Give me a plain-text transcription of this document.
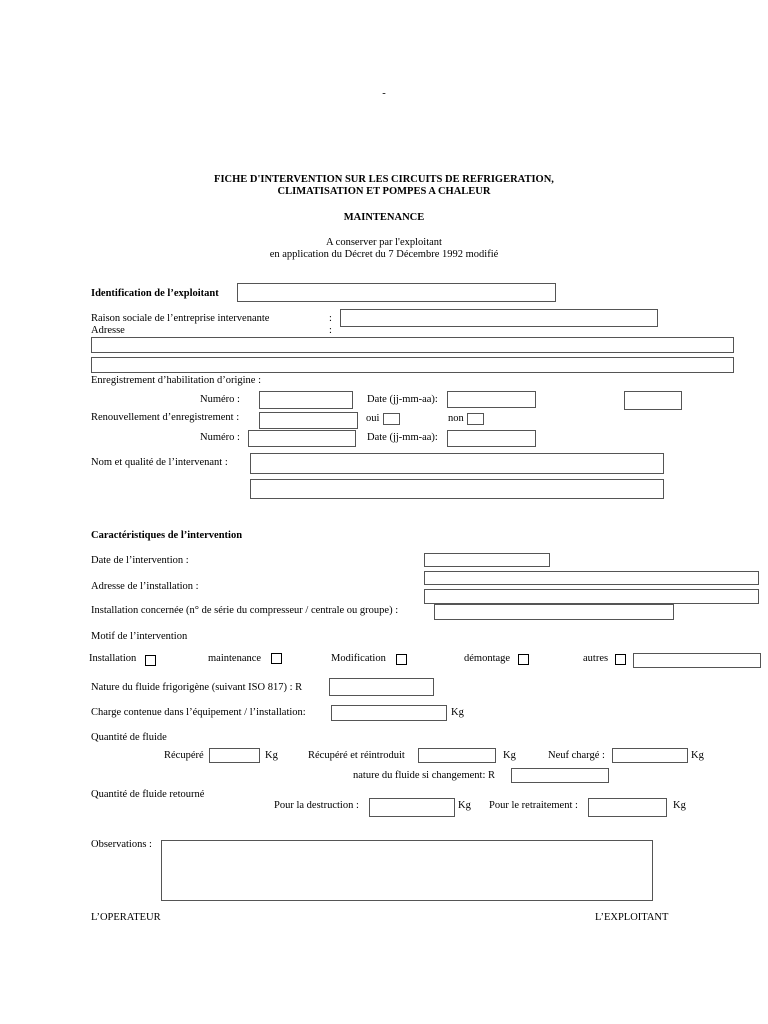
-
FICHE D'INTERVENTION SUR LES CIRCUITS DE REFRIGERATION,
CLIMATISATION ET POMPES A CHALEUR
MAINTENANCE
A conserver par l'exploitant
en application du Décret du 7 Décembre 1992 modifié
Identification de l’exploitant
Raison sociale de l’entreprise intervenante	:
Adresse	:
Enregistrement d’habilitation d’origine :
Numéro :	Date (jj-mm-aa):
Renouvellement d’enregistrement :	oui	non
Numéro :	Date (jj-mm-aa):
Nom et qualité de l’intervenant :
Caractéristiques de l’intervention
Date de l’intervention :
Adresse de l’installation :
Installation concernée (n° de série du compresseur / centrale ou groupe) :
Motif de l’intervention
Installation	maintenance	Modification	démontage	autres
Nature du fluide frigorigène (suivant ISO 817) : R
Charge contenue dans l’équipement / l’installation:	Kg
Quantité de fluide
Récupéré	Kg	Récupéré et réintroduit	Kg	Neuf chargé :	Kg
nature du fluide si changement: R
Quantité de fluide retourné
Pour la destruction :	Kg Pour le retraitement :	Kg
Observations :
L’OPERATEUR	L’EXPLOITANT
